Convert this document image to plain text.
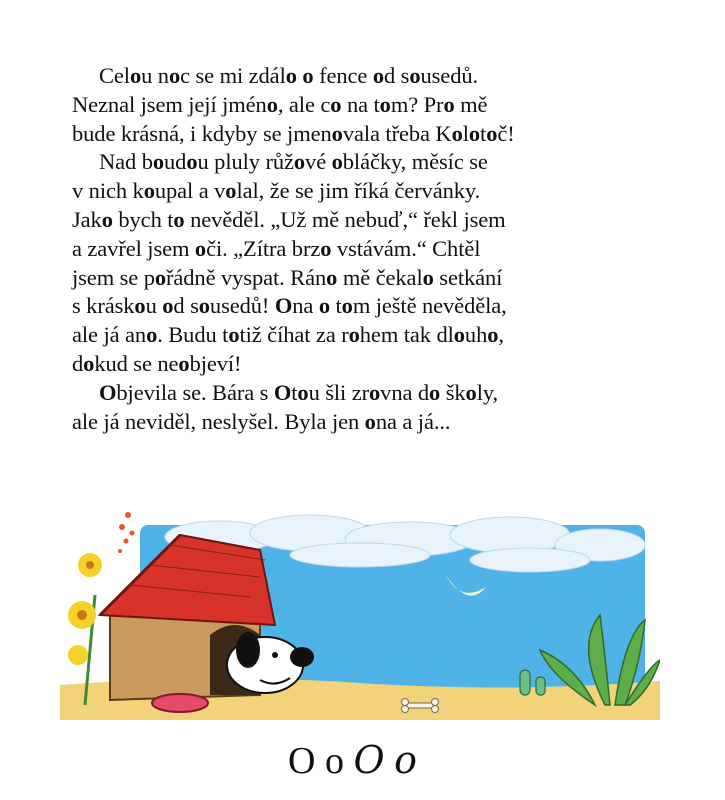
Celou noc se mi zdálo o fence od sousedů.
Neznal jsem její jméno, ale co na tom? Pro mě
bude krásná, i kdyby se jmenovala třeba Kolotoč!
Nad boudou pluly růžové obláčky, měsíc se
v nich koupal a volal, že se jim říká červánky.
Jako bych to nevěděl. „Už mě nebuď,“ řekl jsem
a zavřel jsem oči. „Zítra brzo vstávám.“ Chtěl
jsem se pořádně vyspat. Ráno mě čekalo setkání
s kráskou od sousedů! Ona o tom ještě nevěděla,
ale já ano. Budu totiž číhat za rohem tak dlouho,
dokud se neobjeví!
Objevila se. Bára s Otou šli zrovna do školy,
ale já neviděl, neslyšel. Byla jen ona a já...
O o O o
